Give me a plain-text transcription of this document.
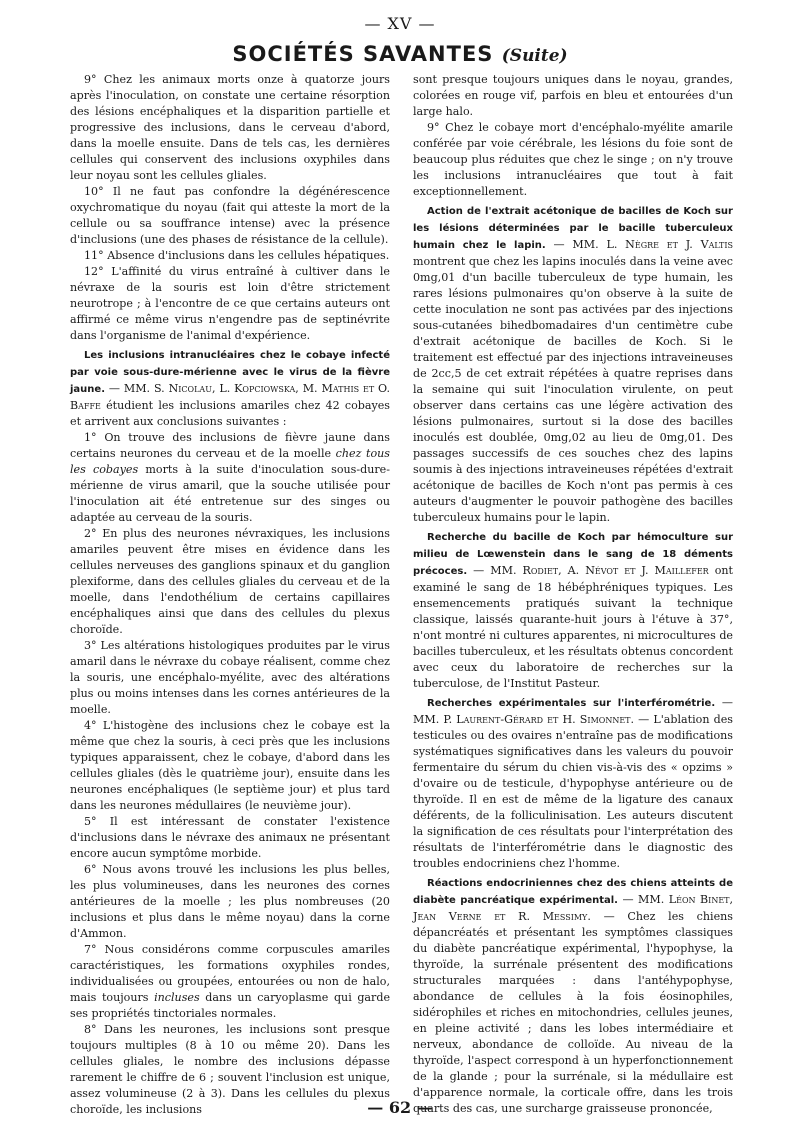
— XV —
SOCIÉTÉS SAVANTES (Suite)

9° Chez les animaux morts onze à quatorze jours après l'inoculation, on constate une certaine résorption des lésions encéphaliques et la disparition partielle et progressive des inclusions, dans le cerveau d'abord, dans la moelle ensuite. Dans de tels cas, les dernières cellules qui conservent des inclusions oxyphiles dans leur noyau sont les cellules gliales.

10° Il ne faut pas confondre la dégénérescence oxychromatique du noyau (fait qui atteste la mort de la cellule ou sa souffrance intense) avec la présence d'inclusions (une des phases de résistance de la cellule).

11° Absence d'inclusions dans les cellules hépatiques.

12° L'affinité du virus entraîné à cultiver dans le névraxe de la souris est loin d'être strictement neurotrope ; à l'encontre de ce que certains auteurs ont affirmé ce même virus n'engendre pas de septinévrite dans l'organisme de l'animal d'expérience.

Les inclusions intranucléaires chez le cobaye infecté par voie sous-dure-mérienne avec le virus de la fièvre jaune. — MM. S. Nicolau, L. Kopciowska, M. Mathis et O. Baffe étudient les inclusions amariles chez 42 cobayes et arrivent aux conclusions suivantes :

1° On trouve des inclusions de fièvre jaune dans certains neurones du cerveau et de la moelle chez tous les cobayes morts à la suite d'inoculation sous-dure-mérienne de virus amaril, que la souche utilisée pour l'inoculation ait été entretenue sur des singes ou adaptée au cerveau de la souris.

2° En plus des neurones névraxiques, les inclusions amariles peuvent être mises en évidence dans les cellules nerveuses des ganglions spinaux et du ganglion plexiforme, dans des cellules gliales du cerveau et de la moelle, dans l'endothélium de certains capillaires encéphaliques ainsi que dans des cellules du plexus choroïde.

3° Les altérations histologiques produites par le virus amaril dans le névraxe du cobaye réalisent, comme chez la souris, une encéphalo-myélite, avec des altérations plus ou moins intenses dans les cornes antérieures de la moelle.

4° L'histogène des inclusions chez le cobaye est la même que chez la souris, à ceci près que les inclusions typiques apparaissent, chez le cobaye, d'abord dans les cellules gliales (dès le quatrième jour), ensuite dans les neurones encéphaliques (le septième jour) et plus tard dans les neurones médullaires (le neuvième jour).

5° Il est intéressant de constater l'existence d'inclusions dans le névraxe des animaux ne présentant encore aucun symptôme morbide.

6° Nous avons trouvé les inclusions les plus belles, les plus volumineuses, dans les neurones des cornes antérieures de la moelle ; les plus nombreuses (20 inclusions et plus dans le même noyau) dans la corne d'Ammon.

7° Nous considérons comme corpuscules amariles caractéristiques, les formations oxyphiles rondes, individualisées ou groupées, entourées ou non de halo, mais toujours incluses dans un caryoplasme qui garde ses propriétés tinctoriales normales.

8° Dans les neurones, les inclusions sont presque toujours multiples (8 à 10 ou même 20). Dans les cellules gliales, le nombre des inclusions dépasse rarement le chiffre de 6 ; souvent l'inclusion est unique, assez volumineuse (2 à 3). Dans les cellules du plexus choroïde, les inclusions

sont presque toujours uniques dans le noyau, grandes, colorées en rouge vif, parfois en bleu et entourées d'un large halo.

9° Chez le cobaye mort d'encéphalo-myélite amarile conférée par voie cérébrale, les lésions du foie sont de beaucoup plus réduites que chez le singe ; on n'y trouve les inclusions intranucléaires que tout à fait exceptionnellement.

Action de l'extrait acétonique de bacilles de Koch sur les lésions déterminées par le bacille tuberculeux humain chez le lapin. — MM. L. Nègre et J. Valtis montrent que chez les lapins inoculés dans la veine avec 0mg,01 d'un bacille tuberculeux de type humain, les rares lésions pulmonaires qu'on observe à la suite de cette inoculation ne sont pas activées par des injections sous-cutanées bihedbomadaires d'un centimètre cube d'extrait acétonique de bacilles de Koch. Si le traitement est effectué par des injections intraveineuses de 2cc,5 de cet extrait répétées à quatre reprises dans la semaine qui suit l'inoculation virulente, on peut observer dans certains cas une légère activation des lésions pulmonaires, surtout si la dose des bacilles inoculés est doublée, 0mg,02 au lieu de 0mg,01. Des passages successifs de ces souches chez des lapins soumis à des injections intraveineuses répétées d'extrait acétonique de bacilles de Koch n'ont pas permis à ces auteurs d'augmenter le pouvoir pathogène des bacilles tuberculeux humains pour le lapin.

Recherche du bacille de Koch par hémoculture sur milieu de Lœwenstein dans le sang de 18 déments précoces. — MM. Rodiet, A. Névot et J. Maillefer ont examiné le sang de 18 hébéphréniques typiques. Les ensemencements pratiqués suivant la technique classique, laissés quarante-huit jours à l'étuve à 37°, n'ont montré ni cultures apparentes, ni microcultures de bacilles tuberculeux, et les résultats obtenus concordent avec ceux du laboratoire de recherches sur la tuberculose, de l'Institut Pasteur.

Recherches expérimentales sur l'interférométrie. — MM. P. Laurent-Gérard et H. Simonnet. — L'ablation des testicules ou des ovaires n'entraîne pas de modifications systématiques significatives dans les valeurs du pouvoir fermentaire du sérum du chien vis-à-vis des « opzims » d'ovaire ou de testicule, d'hypophyse antérieure ou de thyroïde. Il en est de même de la ligature des canaux déférents, de la folliculinisation. Les auteurs discutent la signification de ces résultats pour l'interprétation des résultats de l'interférométrie dans le diagnostic des troubles endocriniens chez l'homme.

Réactions endocriniennes chez des chiens atteints de diabète pancréatique expérimental. — MM. Léon Binet, Jean Verne et R. Messimy. — Chez les chiens dépancréatés et présentant les symptômes classiques du diabète pancréatique expérimental, l'hypophyse, la thyroïde, la surrénale présentent des modifications structurales marquées : dans l'antéhypophyse, abondance de cellules à la fois éosinophiles, sidérophiles et riches en mitochondries, cellules jeunes, en pleine activité ; dans les lobes intermédiaire et nerveux, abondance de colloïde. Au niveau de la thyroïde, l'aspect correspond à un hyperfonctionnement de la glande ; pour la surrénale, si la médullaire est d'apparence normale, la corticale offre, dans les trois quarts des cas, une surcharge graisseuse prononcée,

— 62 —
